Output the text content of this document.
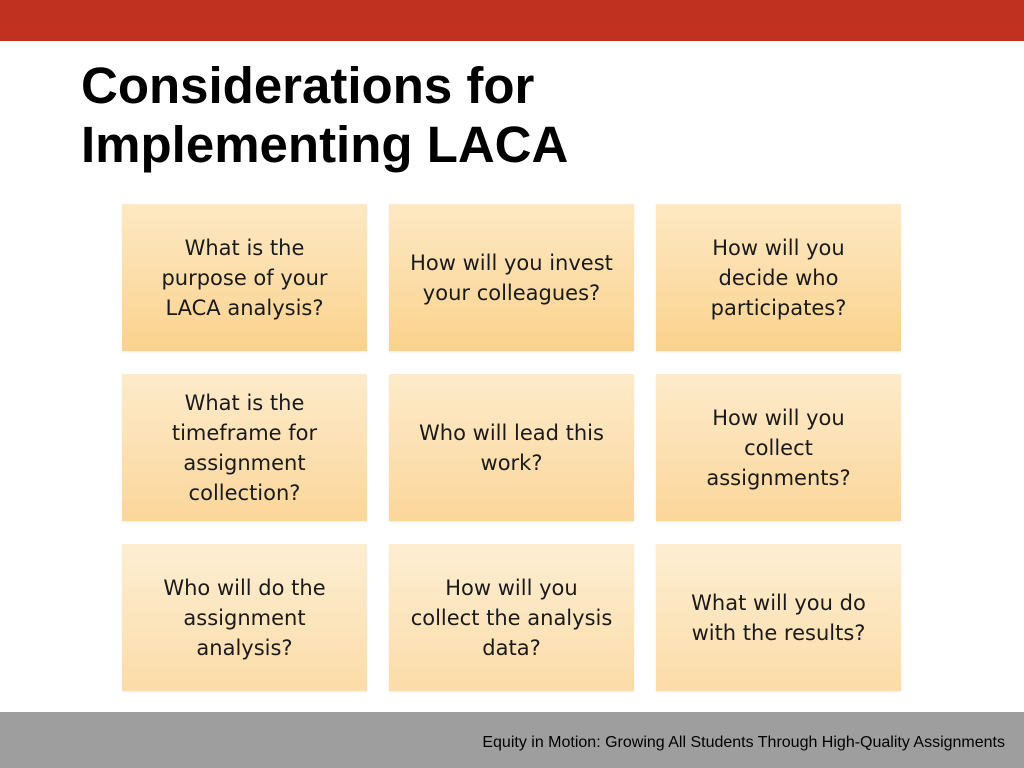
Considerations for
Implementing LACA
What is the
purpose of your
LACA analysis?
How will you invest
your colleagues?
How will you
decide who
participates?
What is the
timeframe for
assignment
collection?
Who will lead this
work?
How will you
collect
assignments?
Who will do the
assignment
analysis?
How will you
collect the analysis
data?
What will you do
with the results?
Equity in Motion: Growing All Students Through High-Quality Assignments
